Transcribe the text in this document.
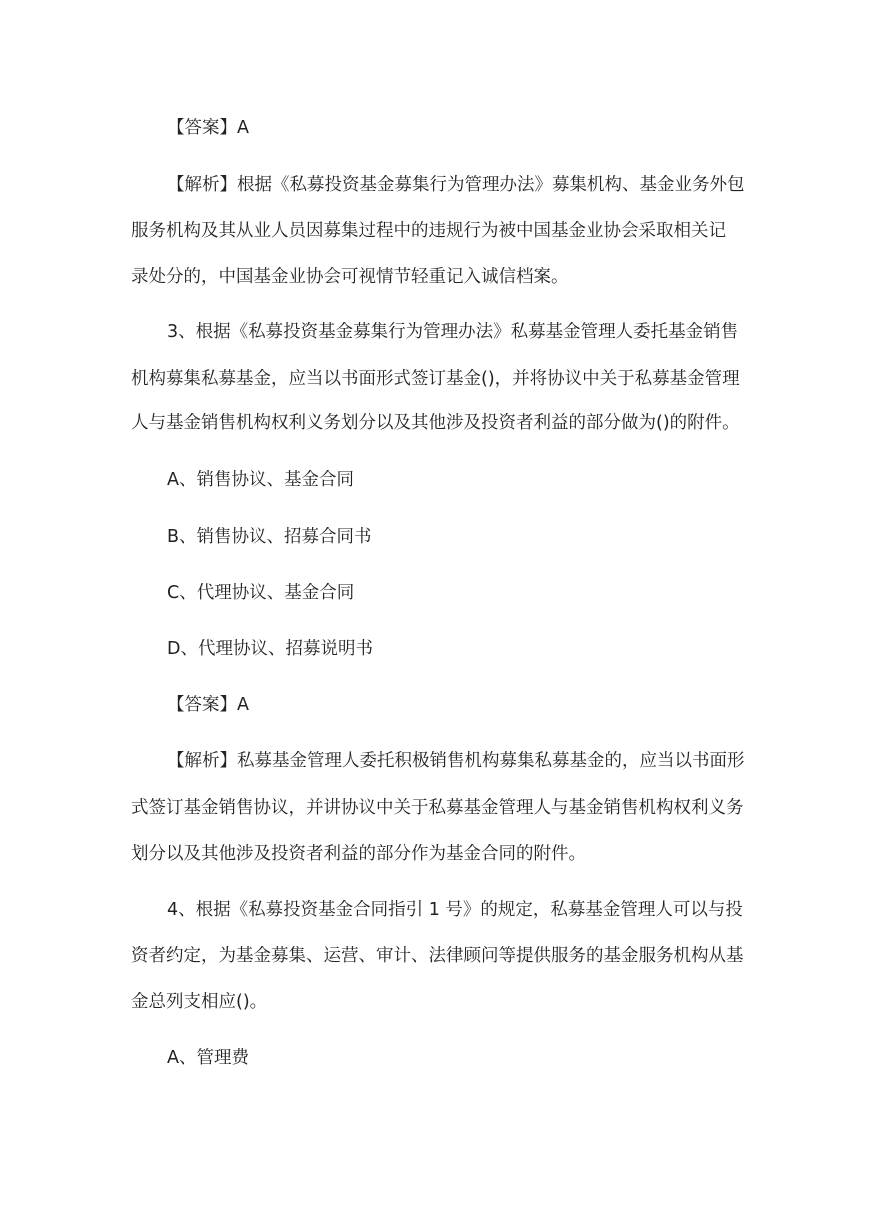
【答案】A
【解析】根据《私募投资基金募集行为管理办法》募集机构、基金业务外包
服务机构及其从业人员因募集过程中的违规行为被中国基金业协会采取相关记
录处分的，中国基金业协会可视情节轻重记入诚信档案。
3、根据《私募投资基金募集行为管理办法》私募基金管理人委托基金销售
机构募集私募基金，应当以书面形式签订基金()，并将协议中关于私募基金管理
人与基金销售机构权利义务划分以及其他涉及投资者利益的部分做为()的附件。
A、销售协议、基金合同
B、销售协议、招募合同书
C、代理协议、基金合同
D、代理协议、招募说明书
【答案】A
【解析】私募基金管理人委托积极销售机构募集私募基金的，应当以书面形
式签订基金销售协议，并讲协议中关于私募基金管理人与基金销售机构权利义务
划分以及其他涉及投资者利益的部分作为基金合同的附件。
4、根据《私募投资基金合同指引 1 号》的规定，私募基金管理人可以与投
资者约定，为基金募集、运营、审计、法律顾问等提供服务的基金服务机构从基
金总列支相应()。
A、管理费
